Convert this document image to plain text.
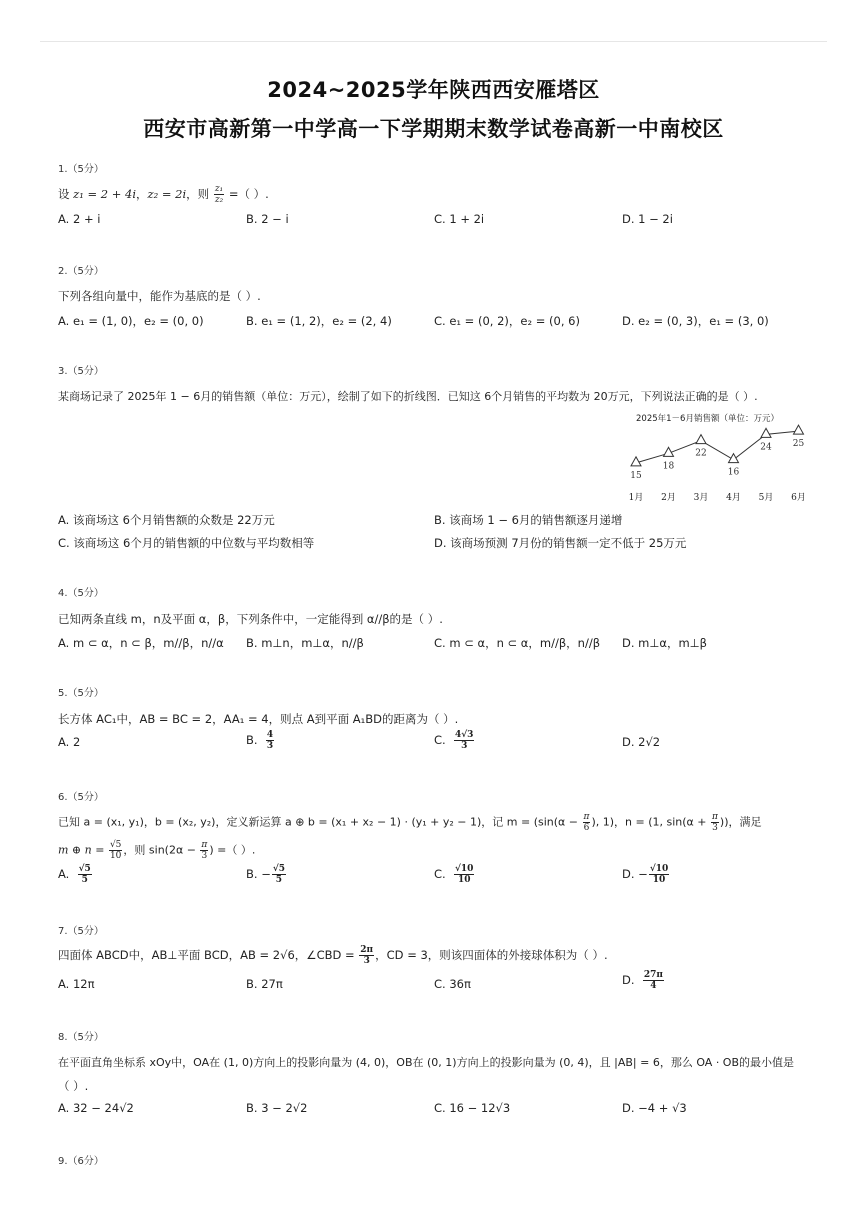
2024~2025学年陕西西安雁塔区
西安市高新第一中学高一下学期期末数学试卷高新一中南校区
1.（5分）
设 z₁ = 2 + 4i，z₂ = 2i，则 $\frac{\text{z₁}}{\text{z₂}}$ =（ ）.
A. 2 + i	B. 2 − i	C. 1 + 2i	D. 1 − 2i
2.（5分）
下列各组向量中，能作为基底的是（ ）.
A. e₁ = (1, 0)，e₂ = (0, 0)	B. e₁ = (1, 2)，e₂ = (2, 4)	C. e₁ = (0, 2)，e₂ = (0, 6)	D. e₂ = (0, 3)，e₁ = (3, 0)
3.（5分）
某商场记录了 2025年 1 − 6月的销售额（单位：万元），绘制了如下的折线图．已知这 6个月销售的平均数为 20万元，下列说法正确的是（ ）.
2025年1－6月销售额（单位：万元）
15
1月
18
2月
22
3月
16
4月
24
5月
25
6月
A. 该商场这 6个月销售额的众数是 22万元	B. 该商场 1 − 6月的销售额逐月递增
C. 该商场这 6个月的销售额的中位数与平均数相等	D. 该商场预测 7月份的销售额一定不低于 25万元
4.（5分）
已知两条直线 m，n及平面 α，β，下列条件中，一定能得到 α//β的是（ ）.
A. m ⊂ α，n ⊂ β，m//β，n//α B. m⊥n，m⊥α，n//β	C. m ⊂ α，n ⊂ α，m//β，n//β D. m⊥α，m⊥β
5.（5分）
长方体 AC₁中，AB = BC = 2，AA₁ = 4，则点 A到平面 A₁BD的距离为（ ）.
A. 2	B. $\frac{4}{3}$	C. $\frac{4√3}{3}$	D. 2√2
6.（5分）
已知 a = (x₁, y₁)，b = (x₂, y₂)，定义新运算 a ⊕ b = (x₁ + x₂ − 1) · (y₁ + y₂ − 1)，记 $m = (\sin(\alpha - \frac{\pi}{6}$ ), 1)，n = (1, $\sin(\alpha + \frac{\pi}{3}$ ))，满足
m ⊕ $n = \frac{√5}{10}$ ，则 $\sin(2\alpha - \frac{\pi}{3}$ ) =（ ）.
A. $\frac{√5}{5}$	B. − $\frac{√5}{5}$	C. $\frac{√10}{10}$	D. − $\frac{√10}{10}$
7.（5分）
四面体 ABCD中，AB⊥平面 BCD，AB = 2√6，∠CBD = $\frac{2\pi}{3}$ ，CD = 3，则该四面体的外接球体积为（ ）.
A. 12π	B. 27π	C. 36π	D. $\frac{27\pi}{4}$
8.（5分）
在平面直角坐标系 xOy中，OA在 (1, 0)方向上的投影向量为 (4, 0)，OB在 (0, 1)方向上的投影向量为 (0, 4)，且 |AB| = 6，那么 OA · OB的最小值是
（ ）.
A. 32 − 24√2	B. 3 − 2√2	C. 16 − 12√3	D. −4 + √3
9.（6分）
